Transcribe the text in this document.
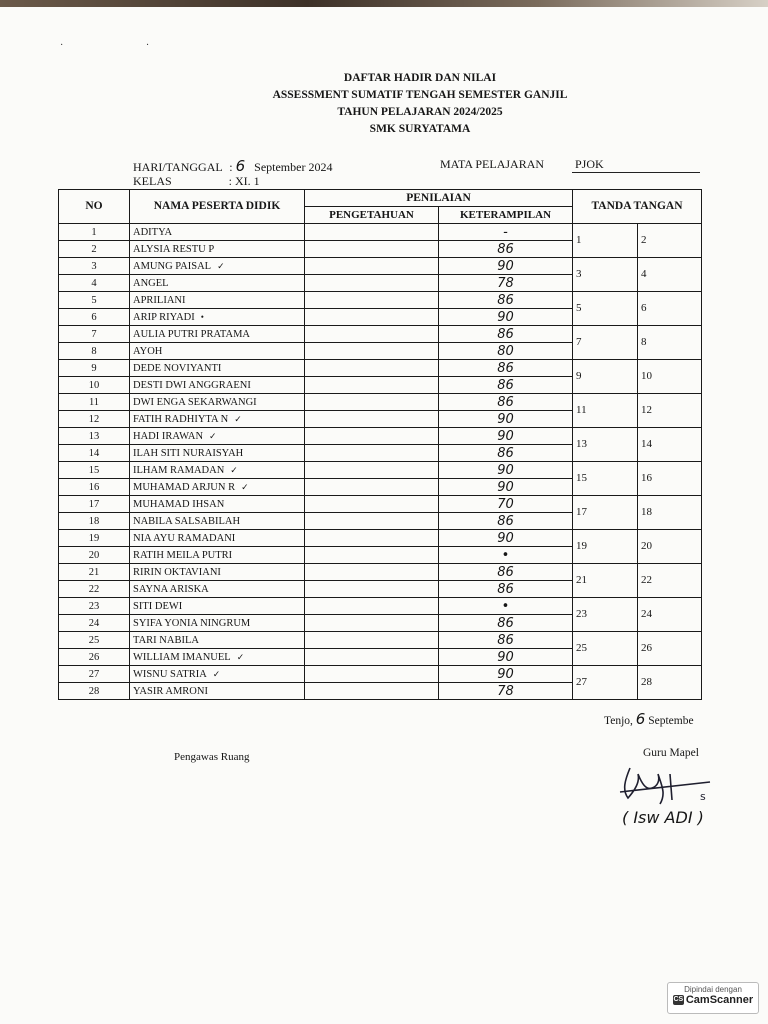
· ·
DAFTAR HADIR DAN NILAI
ASSESSMENT SUMATIF TENGAH SEMESTER GANJIL
TAHUN PELAJARAN 2024/2025
SMK SURYATAMA
HARI/TANGGAL : 6 September 2024
KELAS	: XI. 1
MATA PELAJARAN	PJOK
NO	NAMA PESERTA DIDIK	PENILAIAN		TANDA TANGAN	
		PENGETAHUAN	KETERAMPILAN		
1	ADITYA		-	1	2
2	ALYSIA RESTU P		86		
3	AMUNG PAISAL ✓		90	3	4
4	ANGEL		78		
5	APRILIANI		86	5	6
6	ARIP RIYADI •		90		
7	AULIA PUTRI PRATAMA		86	7	8
8	AYOH		80		
9	DEDE NOVIYANTI		86	9	10
10	DESTI DWI ANGGRAENI		86		
11	DWI ENGA SEKARWANGI		86	11	12
12	FATIH RADHIYTA N ✓		90		
13	HADI IRAWAN ✓		90	13	14
14	ILAH SITI NURAISYAH		86		
15	ILHAM RAMADAN ✓		90	15	16
16	MUHAMAD ARJUN R ✓		90		
17	MUHAMAD IHSAN		70	17	18
18	NABILA SALSABILAH		86		
19	NIA AYU RAMADANI		90	19	20
20	RATIH MEILA PUTRI		•		
21	RIRIN OKTAVIANI		86	21	22
22	SAYNA ARISKA		86		
23	SITI DEWI		•	23	24
24	SYIFA YONIA NINGRUM		86		
25	TARI NABILA		86	25	26
26	WILLIAM IMANUEL ✓		90		
27	WISNU SATRIA ✓		90	27	28
28	YASIR AMRONI		78		
Tenjo, 6 Septembe
Pengawas Ruang	Guru Mapel
s
( Isw ADI )
Dipindai dengan
CS CamScanner
